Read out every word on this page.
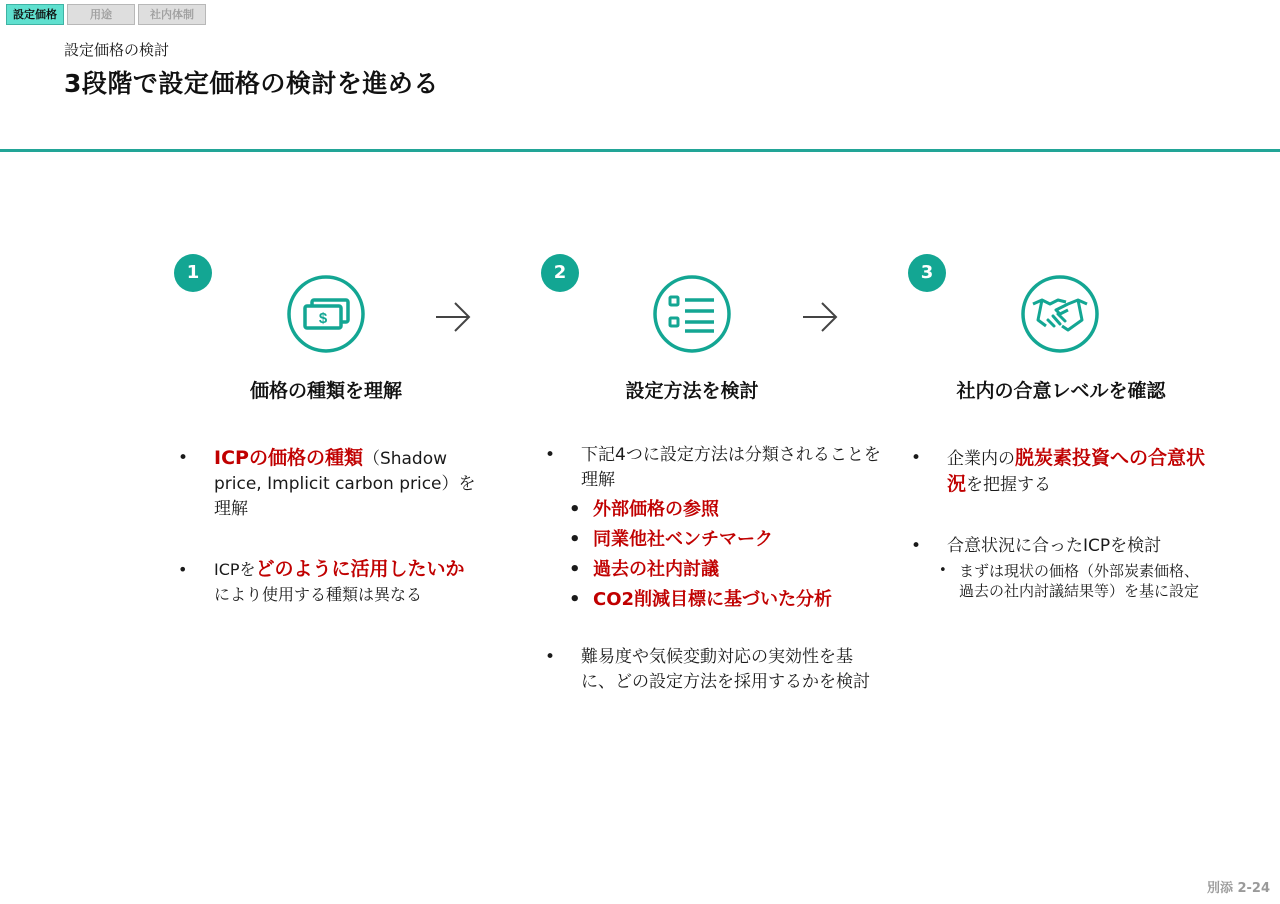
設定価格	用途	社内体制
設定価格の検討
3段階で設定価格の検討を進める
1
$
価格の種類を理解
• ICPの価格の種類（Shadow price, Implicit carbon price）を理解
• ICPをどのように活用したいかにより使用する種類は異なる
2
設定方法を検討
• 下記4つに設定方法は分類されることを理解
• 外部価格の参照
• 同業他社ベンチマーク
• 過去の社内討議
• CO2削減目標に基づいた分析
• 難易度や気候変動対応の実効性を基に、どの設定方法を採用するかを検討
3
社内の合意レベルを確認
• 企業内の脱炭素投資への合意状況を把握する
• 合意状況に合ったICPを検討
• まずは現状の価格（外部炭素価格、過去の社内討議結果等）を基に設定
別添 2-24
